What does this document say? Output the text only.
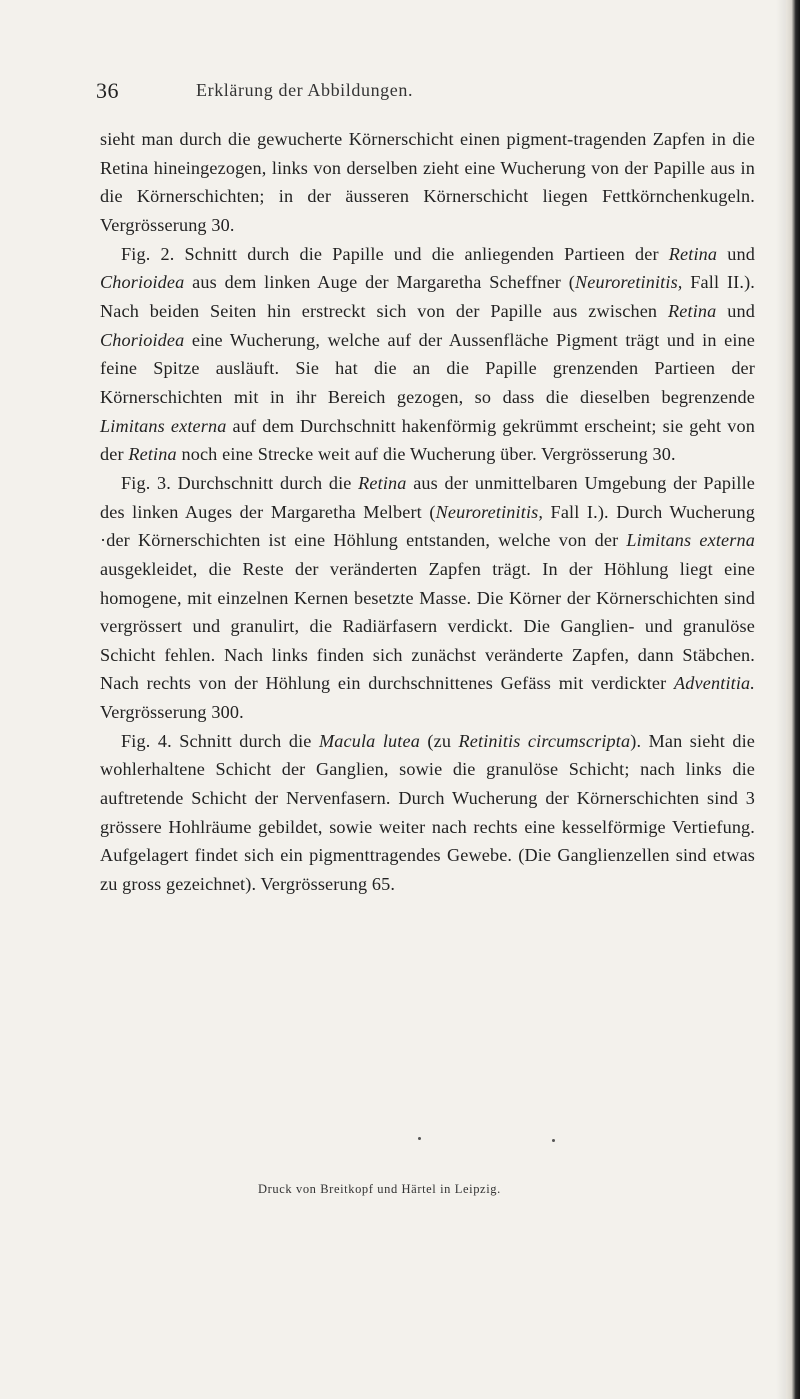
36	Erklärung der Abbildungen.

sieht man durch die gewucherte Körnerschicht einen pigment-tragenden Zapfen in die Retina hineingezogen, links von derselben zieht eine Wucherung von der Papille aus in die Körnerschichten; in der äusseren Körnerschicht liegen Fettkörnchenkugeln. Vergrösserung 30.

Fig. 2. Schnitt durch die Papille und die anliegenden Partieen der Retina und Chorioidea aus dem linken Auge der Margaretha Scheffner (Neuroretinitis, Fall II.). Nach beiden Seiten hin erstreckt sich von der Papille aus zwischen Retina und Chorioidea eine Wucherung, welche auf der Aussenfläche Pigment trägt und in eine feine Spitze ausläuft. Sie hat die an die Papille grenzenden Partieen der Körnerschichten mit in ihr Bereich gezogen, so dass die dieselben begrenzende Limitans externa auf dem Durchschnitt hakenförmig gekrümmt erscheint; sie geht von der Retina noch eine Strecke weit auf die Wucherung über. Vergrösserung 30.

Fig. 3. Durchschnitt durch die Retina aus der unmittelbaren Umgebung der Papille des linken Auges der Margaretha Melbert (Neuroretinitis, Fall I.). Durch Wucherung ·der Körnerschichten ist eine Höhlung entstanden, welche von der Limitans externa ausgekleidet, die Reste der veränderten Zapfen trägt. In der Höhlung liegt eine homogene, mit einzelnen Kernen besetzte Masse. Die Körner der Körnerschichten sind vergrössert und granulirt, die Radiärfasern verdickt. Die Ganglien- und granulöse Schicht fehlen. Nach links finden sich zunächst veränderte Zapfen, dann Stäbchen. Nach rechts von der Höhlung ein durchschnittenes Gefäss mit verdickter Adventitia. Vergrösserung 300.

Fig. 4. Schnitt durch die Macula lutea (zu Retinitis circumscripta). Man sieht die wohlerhaltene Schicht der Ganglien, sowie die granulöse Schicht; nach links die auftretende Schicht der Nervenfasern. Durch Wucherung der Körnerschichten sind 3 grössere Hohlräume gebildet, sowie weiter nach rechts eine kesselförmige Vertiefung. Aufgelagert findet sich ein pigmenttragendes Gewebe. (Die Ganglienzellen sind etwas zu gross gezeichnet). Vergrösserung 65.

Druck von Breitkopf und Härtel in Leipzig.
